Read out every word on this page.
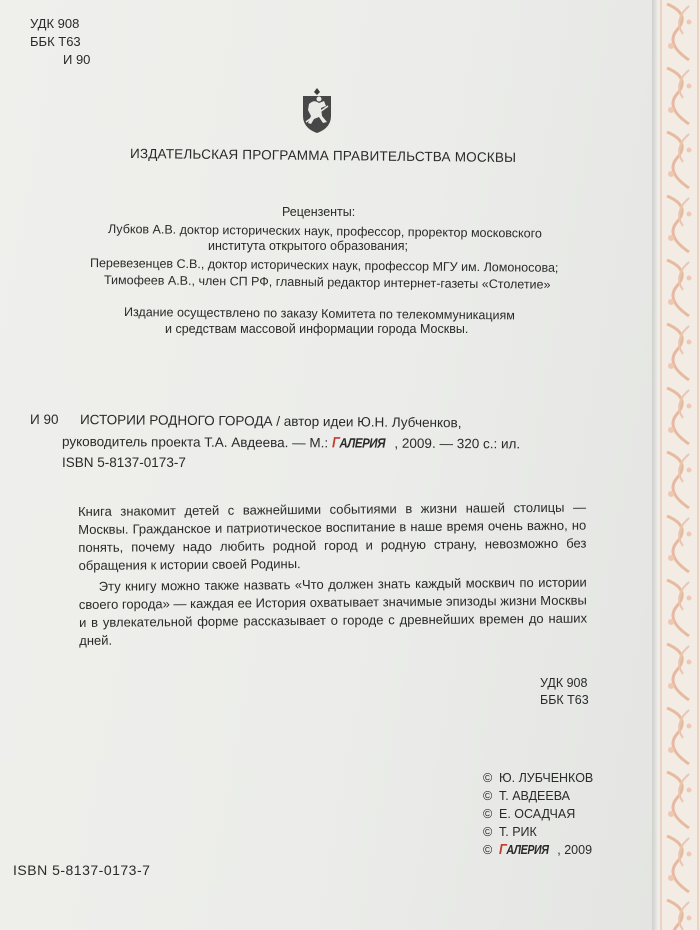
УДК 908
ББК Т63
И 90
ИЗДАТЕЛЬСКАЯ ПРОГРАММА ПРАВИТЕЛЬСТВА МОСКВЫ
Рецензенты:
Лубков А.В. доктор исторических наук, профессор, проректор московского
института открытого образования;
Перевезенцев С.В., доктор исторических наук, профессор МГУ им. Ломоносова;
Тимофеев А.В., член СП РФ, главный редактор интернет-газеты «Столетие»
Издание осуществлено по заказу Комитета по телекоммуникациям
и средствам массовой информации города Москвы.
И 90 ИСТОРИИ РОДНОГО ГОРОДА / автор идеи Ю.Н. Лубченков,
руководитель проекта Т.А. Авдеева. — М.: ГАЛЕРИЯ , 2009. — 320 с.: ил.
ISBN 5-8137-0173-7

Книга знакомит детей с важнейшими событиями в жизни нашей столицы — Москвы. Гражданское и патриотическое воспитание в наше время очень важно, но понять, почему надо любить родной город и родную страну, невозможно без обращения к истории своей Родины.

Эту книгу можно также назвать «Что должен знать каждый москвич по истории своего города» — каждая ее История охватывает значимые эпизоды жизни Москвы и в увлекательной форме рассказывает о городе с древнейших времен до наших дней.

УДК 908
ББК Т63
© Ю. ЛУБЧЕНКОВ
© Т. АВДЕЕВА
© Е. ОСАДЧАЯ
© Т. РИК
© ГАЛЕРИЯ , 2009
ISBN 5-8137-0173-7
